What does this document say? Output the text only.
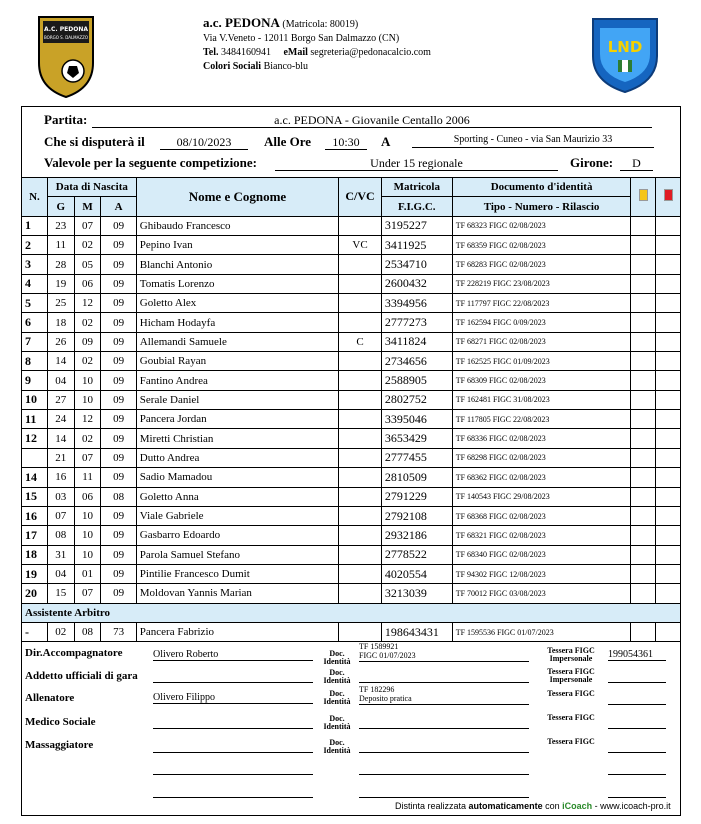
A.C. PEDONA
BORGO S. DALMAZZO
a.c. PEDONA (Matricola: 80019)
Via V.Veneto - 12011 Borgo San Dalmazzo (CN)
Tel. 3484160941 eMail segreteria@pedonacalcio.com
Colori Sociali Bianco-blu
LND
Partita:	a.c. PEDONA - Giovanile Centallo 2006
Che si disputerà il	08/10/2023	Alle Ore	10:30	A	Sporting - Cuneo - via San Maurizio 33
Valevole per la seguente competizione:	Under 15 regionale	Girone:	D
N.	Data di Nascita			Nome e Cognome	C/VC	Matricola	Documento d'identità		
	G	M	A			F.I.G.C.	Tipo - Numero - Rilascio		
1	23	07	09	Ghibaudo Francesco		3195227	TF 68323 FIGC 02/08/2023		
2	11	02	09	Pepino Ivan	VC	3411925	TF 68359 FIGC 02/08/2023		
3	28	05	09	Blanchi Antonio		2534710	TF 68283 FIGC 02/08/2023		
4	19	06	09	Tomatis Lorenzo		2600432	TF 228219 FIGC 23/08/2023		
5	25	12	09	Goletto Alex		3394956	TF 117797 FIGC 22/08/2023		
6	18	02	09	Hicham Hodayfa		2777273	TF 162594 FIGC 0/09/2023		
7	26	09	09	Allemandi Samuele	C	3411824	TF 68271 FIGC 02/08/2023		
8	14	02	09	Goubial Rayan		2734656	TF 162525 FIGC 01/09/2023		
9	04	10	09	Fantino Andrea		2588905	TF 68309 FIGC 02/08/2023		
10	27	10	09	Serale Daniel		2802752	TF 162481 FIGC 31/08/2023		
11	24	12	09	Pancera Jordan		3395046	TF 117805 FIGC 22/08/2023		
12	14	02	09	Miretti Christian		3653429	TF 68336 FIGC 02/08/2023		
	21	07	09	Dutto Andrea		2777455	TF 68298 FIGC 02/08/2023		
14	16	11	09	Sadio Mamadou		2810509	TF 68362 FIGC 02/08/2023		
15	03	06	08	Goletto Anna		2791229	TF 140543 FIGC 29/08/2023		
16	07	10	09	Viale Gabriele		2792108	TF 68368 FIGC 02/08/2023		
17	08	10	09	Gasbarro Edoardo		2932186	TF 68321 FIGC 02/08/2023		
18	31	10	09	Parola Samuel Stefano		2778522	TF 68340 FIGC 02/08/2023		
19	04	01	09	Pintilie Francesco Dumit		4020554	TF 94302 FIGC 12/08/2023		
20	15	07	09	Moldovan Yannis Marian		3213039	TF 70012 FIGC 03/08/2023		
Assistente Arbitro									
-	02	08	73	Pancera Fabrizio		198643431	TF 1595536 FIGC 01/07/2023		
Dir.Accompagnatore	Olivero Roberto	Doc. Identità
TF 1589921
FIGC 01/07/2023
Tessera FIGC Impersonale	199054361
Addetto ufficiali di gara	Doc. Identità
Tessera FIGC Impersonale
Allenatore	Olivero Filippo	Doc. Identità
TF 182296
Deposito pratica
Tessera FIGC
Medico Sociale	Doc. Identità
Tessera FIGC
Massaggiatore	Doc. Identità
Tessera FIGC
Distinta realizzata automaticamente con iCoach - www.icoach-pro.it
